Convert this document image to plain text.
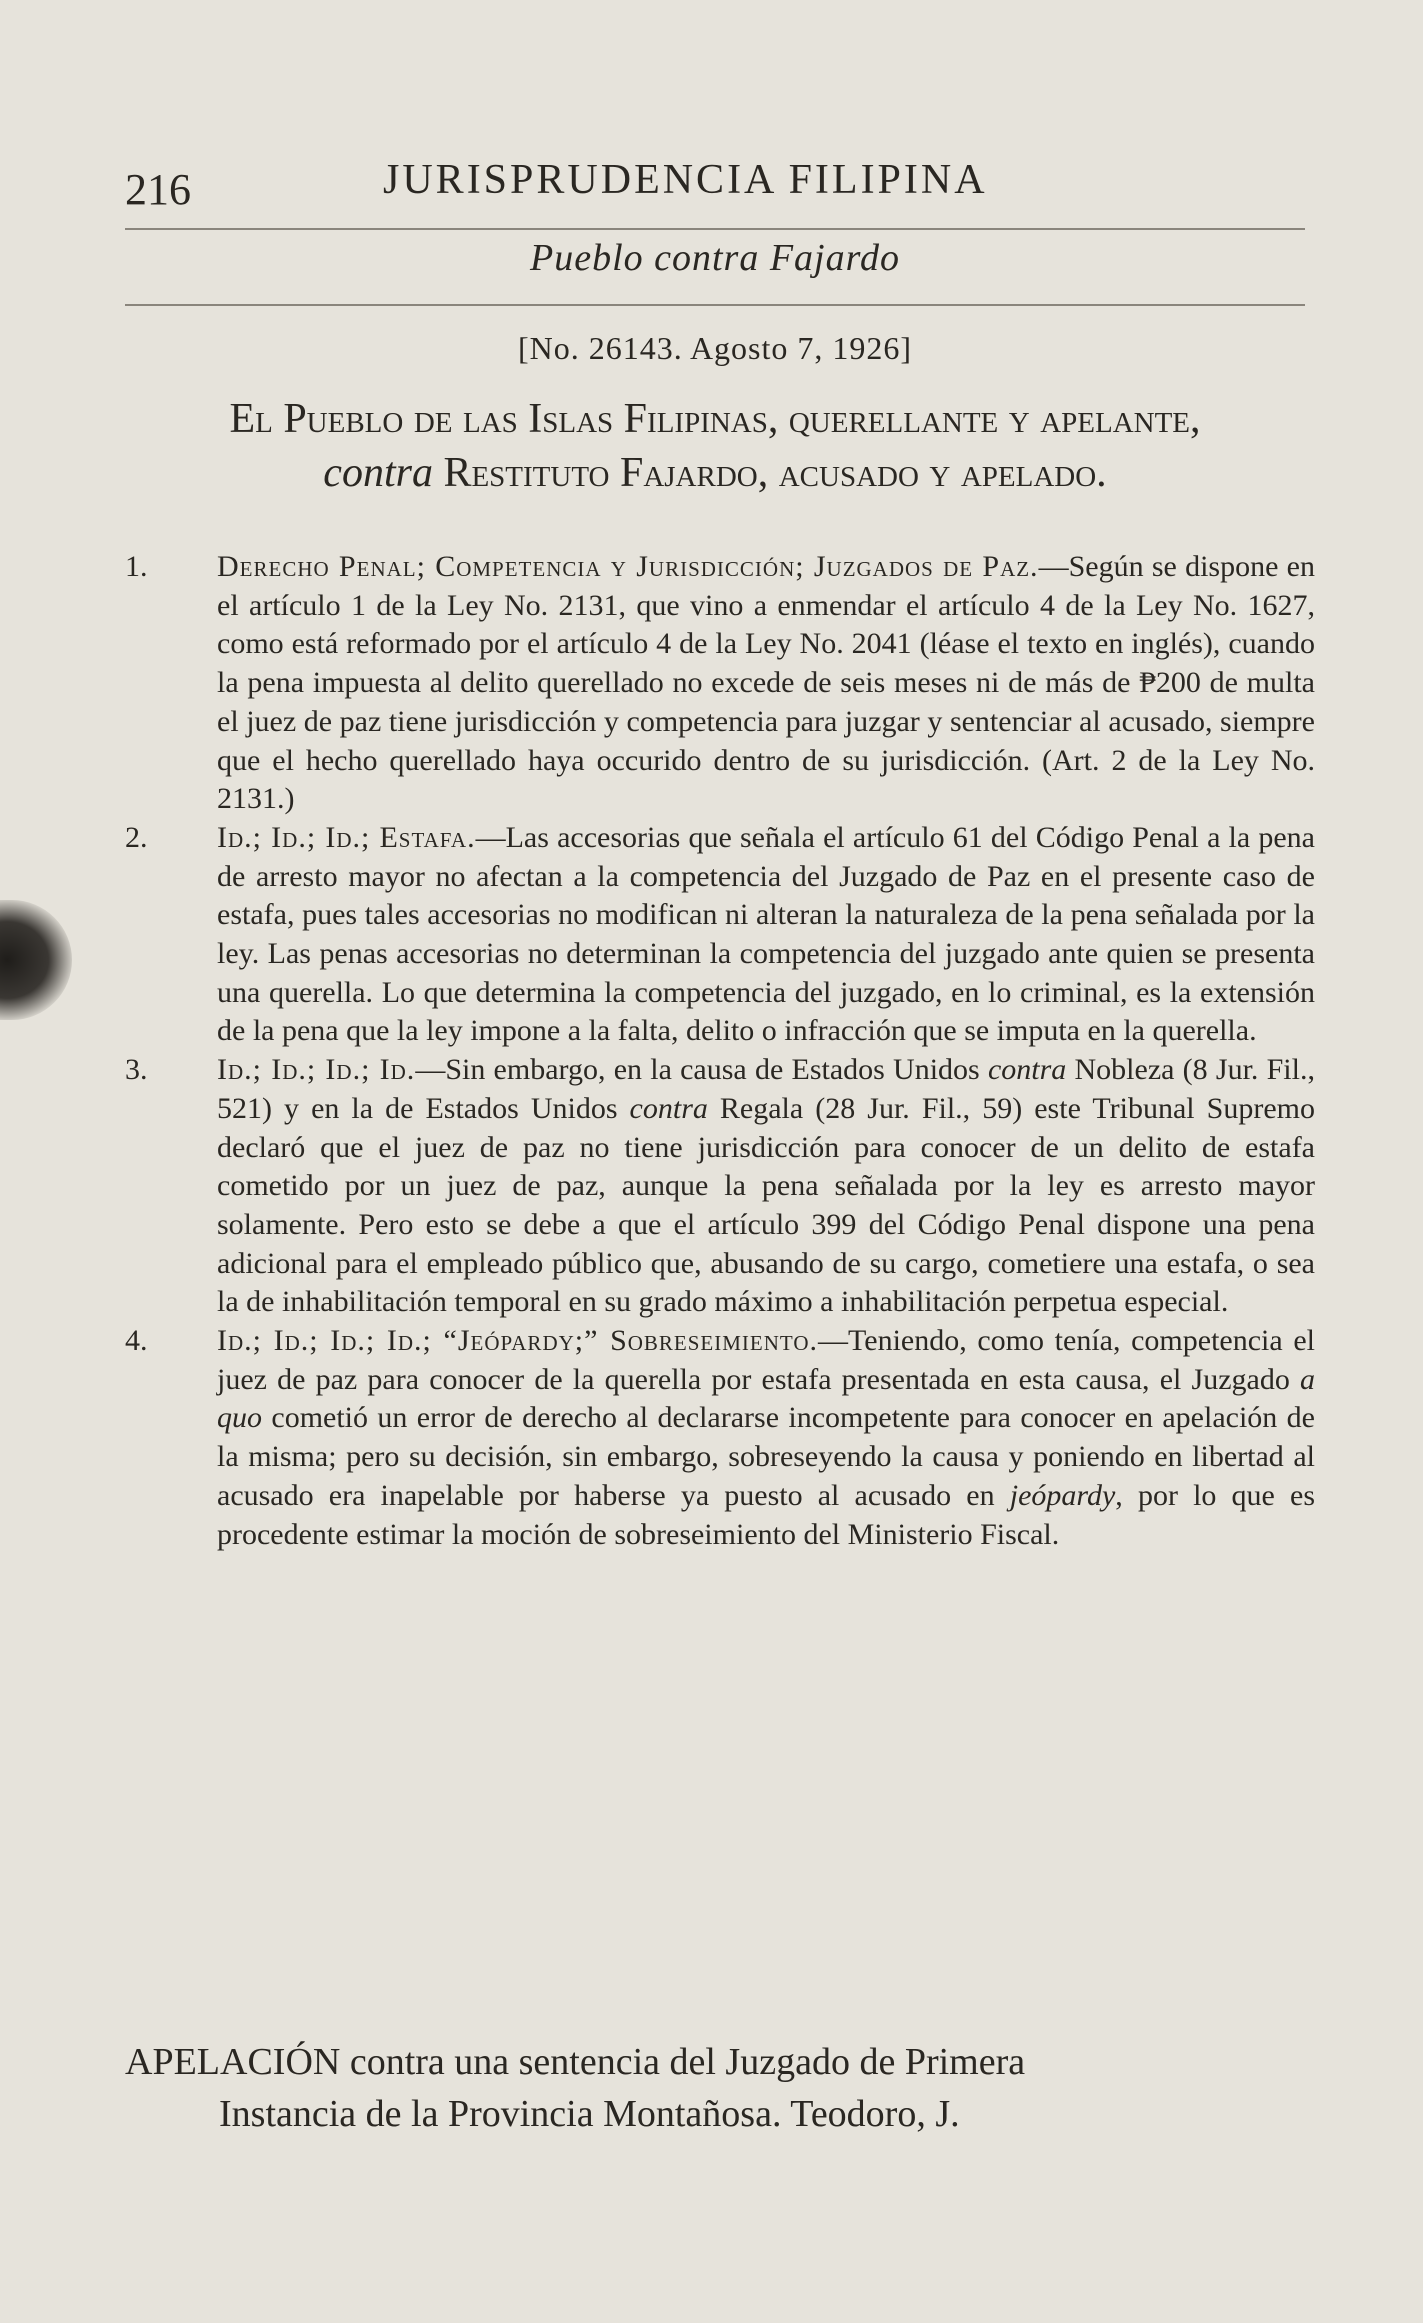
216	JURISPRUDENCIA FILIPINA
Pueblo contra Fajardo
[No. 26143. Agosto 7, 1926]
El Pueblo de las Islas Filipinas, querellante y apelante,
contra Restituto Fajardo, acusado y apelado.
1. Derecho Penal; Competencia y Jurisdicción; Juzgados de Paz.—Según se dispone en el artículo 1 de la Ley No. 2131, que vino a enmendar el artículo 4 de la Ley No. 1627, como está reformado por el artículo 4 de la Ley No. 2041 (léase el texto en inglés), cuando la pena impuesta al delito querellado no excede de seis meses ni de más de ₱200 de multa el juez de paz tiene jurisdicción y competencia para juzgar y sentenciar al acusado, siempre que el hecho querellado haya occurido dentro de su jurisdicción. (Art. 2 de la Ley No. 2131.)

2. Id.; Id.; Id.; Estafa.—Las accesorias que señala el artículo 61 del Código Penal a la pena de arresto mayor no afectan a la competencia del Juzgado de Paz en el presente caso de estafa, pues tales accesorias no modifican ni alteran la naturaleza de la pena señalada por la ley. Las penas accesorias no determinan la competencia del juzgado ante quien se presenta una querella. Lo que determina la competencia del juzgado, en lo criminal, es la extensión de la pena que la ley impone a la falta, delito o infracción que se imputa en la querella.

3. Id.; Id.; Id.; Id.—Sin embargo, en la causa de Estados Unidos contra Nobleza (8 Jur. Fil., 521) y en la de Estados Unidos contra Regala (28 Jur. Fil., 59) este Tribunal Supremo declaró que el juez de paz no tiene jurisdicción para conocer de un delito de estafa cometido por un juez de paz, aunque la pena señalada por la ley es arresto mayor solamente. Pero esto se debe a que el artículo 399 del Código Penal dispone una pena adicional para el empleado público que, abusando de su cargo, cometiere una estafa, o sea la de inhabilitación temporal en su grado máximo a inhabilitación perpetua especial.

4. Id.; Id.; Id.; Id.; “Jeópardy;” Sobreseimiento.—Teniendo, como tenía, competencia el juez de paz para conocer de la querella por estafa presentada en esta causa, el Juzgado a quo cometió un error de derecho al declararse incompetente para conocer en apelación de la misma; pero su decisión, sin embargo, sobreseyendo la causa y poniendo en libertad al acusado era inapelable por haberse ya puesto al acusado en jeópardy, por lo que es procedente estimar la moción de sobreseimiento del Ministerio Fiscal.

APELACIÓN contra una sentencia del Juzgado de Primera

Instancia de la Provincia Montañosa. Teodoro, J.
